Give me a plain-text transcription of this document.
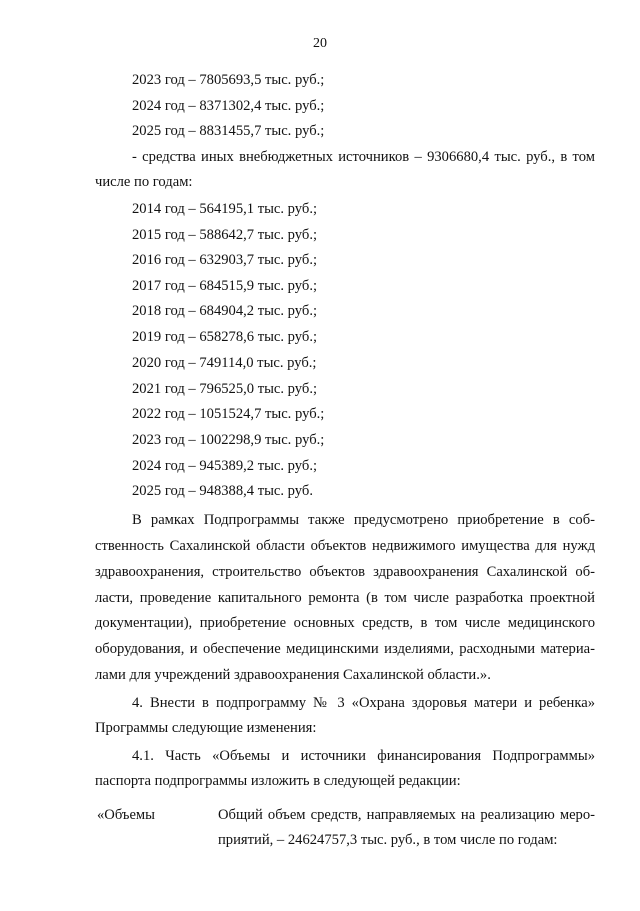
20
2023 год – 7805693,5 тыс. руб.;
2024 год – 8371302,4 тыс. руб.;
2025 год – 8831455,7 тыс. руб.;
- средства иных внебюджетных источников – 9306680,4 тыс. руб., в том
числе по годам:
2014 год – 564195,1 тыс. руб.;
2015 год – 588642,7 тыс. руб.;
2016 год – 632903,7 тыс. руб.;
2017 год – 684515,9 тыс. руб.;
2018 год – 684904,2 тыс. руб.;
2019 год – 658278,6 тыс. руб.;
2020 год – 749114,0 тыс. руб.;
2021 год – 796525,0 тыс. руб.;
2022 год – 1051524,7 тыс. руб.;
2023 год – 1002298,9 тыс. руб.;
2024 год – 945389,2 тыс. руб.;
2025 год – 948388,4 тыс. руб.
В рамках Подпрограммы также предусмотрено приобретение в соб-
ственность Сахалинской области объектов недвижимого имущества для нужд
здравоохранения, строительство объектов здравоохранения Сахалинской об-
ласти, проведение капитального ремонта (в том числе разработка проектной
документации), приобретение основных средств, в том числе медицинского
оборудования, и обеспечение медицинскими изделиями, расходными материа-
лами для учреждений здравоохранения Сахалинской области.».
4. Внести в подпрограмму № 3 «Охрана здоровья матери и ребенка»
Программы следующие изменения:
4.1. Часть «Объемы и источники финансирования Подпрограммы»
паспорта подпрограммы изложить в следующей редакции:
«Объемы	Общий объем средств, направляемых на реализацию меро-
приятий, – 24624757,3 тыс. руб., в том числе по годам:
